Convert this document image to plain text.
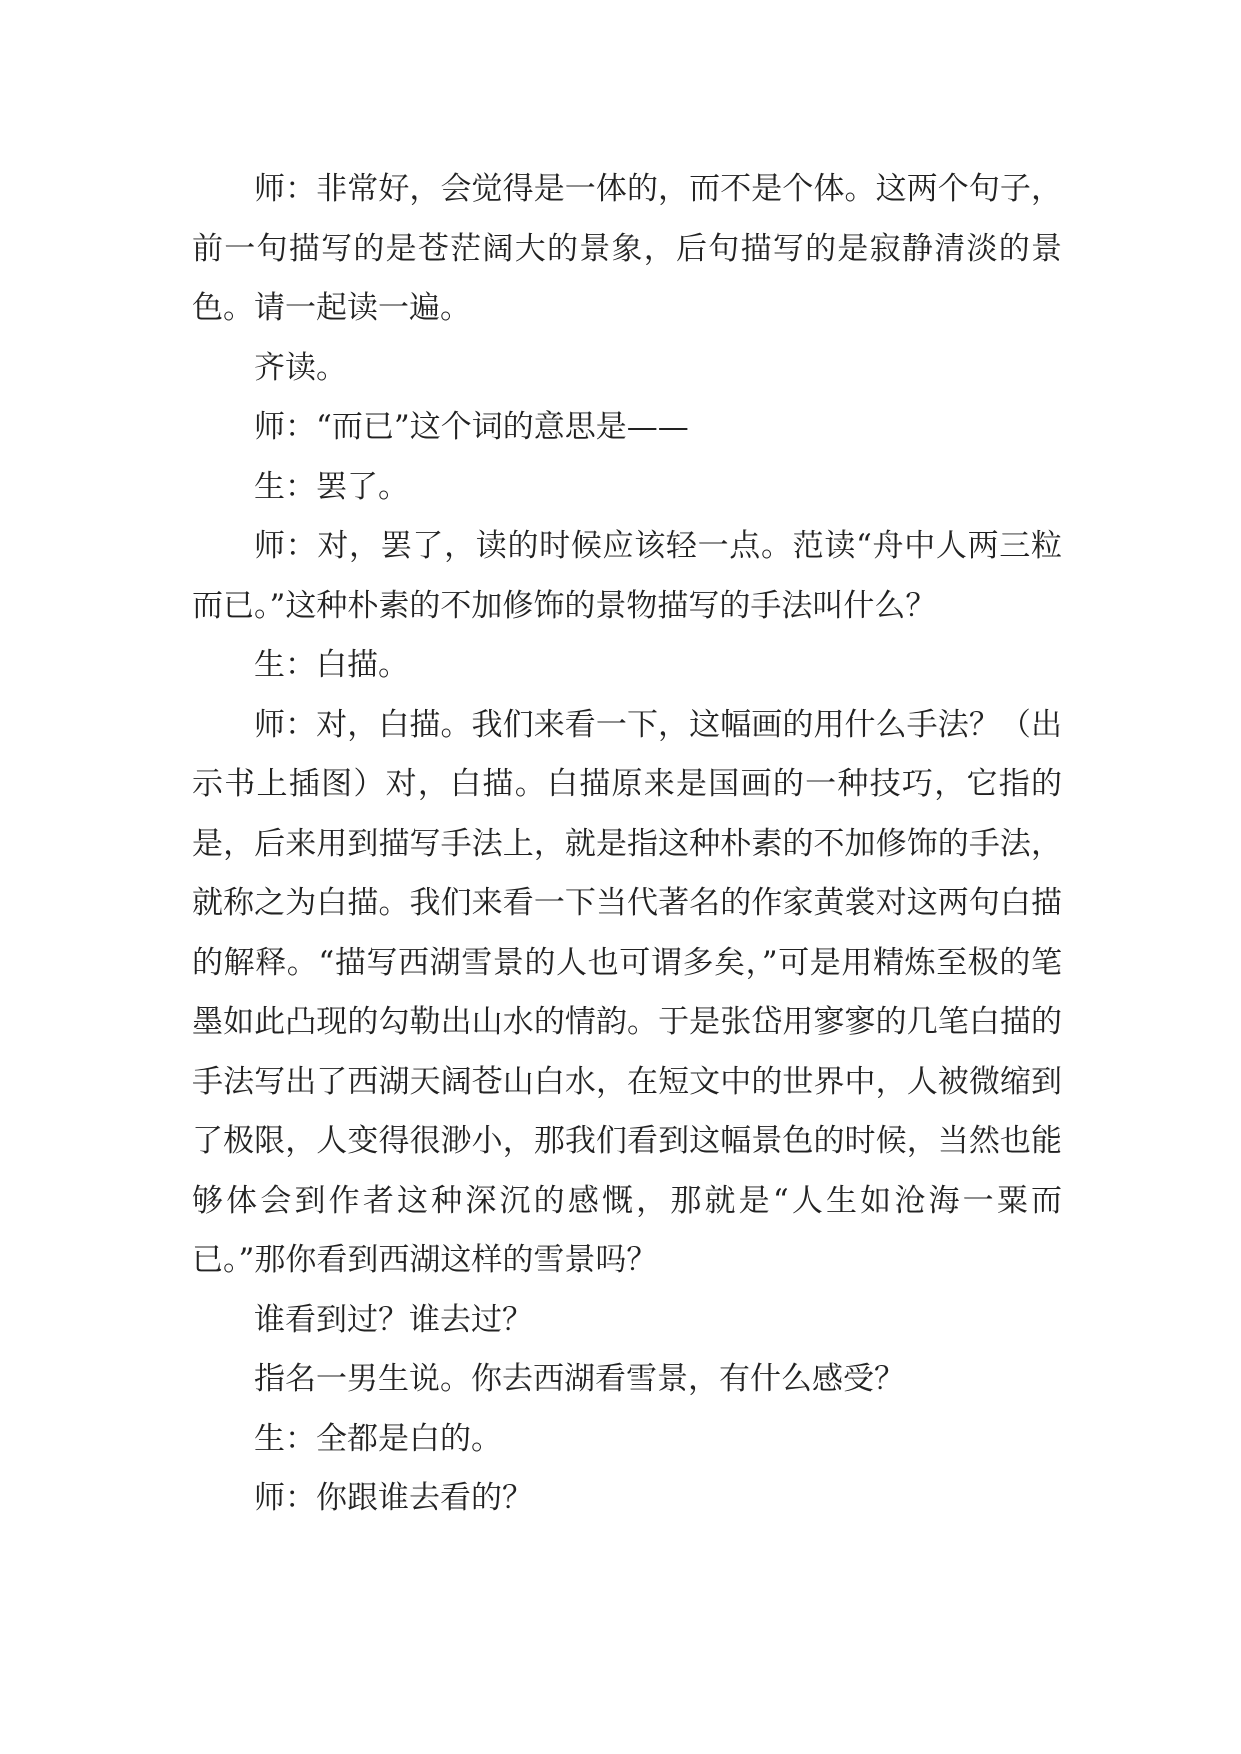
师：非常好，会觉得是一体的，而不是个体。这两个句子，前一句描写的是苍茫阔大的景象，后句描写的是寂静清淡的景色。请一起读一遍。

齐读。

师：“而已”这个词的意思是——

生：罢了。

师：对，罢了，读的时候应该轻一点。范读“舟中人两三粒而已。”这种朴素的不加修饰的景物描写的手法叫什么？

生：白描。

师：对，白描。我们来看一下，这幅画的用什么手法？（出示书上插图）对，白描。白描原来是国画的一种技巧，它指的是，后来用到描写手法上，就是指这种朴素的不加修饰的手法，就称之为白描。我们来看一下当代著名的作家黄裳对这两句白描的解释。“描写西湖雪景的人也可谓多矣，”可是用精炼至极的笔墨如此凸现的勾勒出山水的情韵。于是张岱用寥寥的几笔白描的手法写出了西湖天阔苍山白水，在短文中的世界中，人被微缩到了极限，人变得很渺小，那我们看到这幅景色的时候，当然也能够体会到作者这种深沉的感慨，那就是“人生如沧海一粟而已。”那你看到西湖这样的雪景吗？

谁看到过？谁去过？

指名一男生说。你去西湖看雪景，有什么感受？

生：全都是白的。

师：你跟谁去看的？
